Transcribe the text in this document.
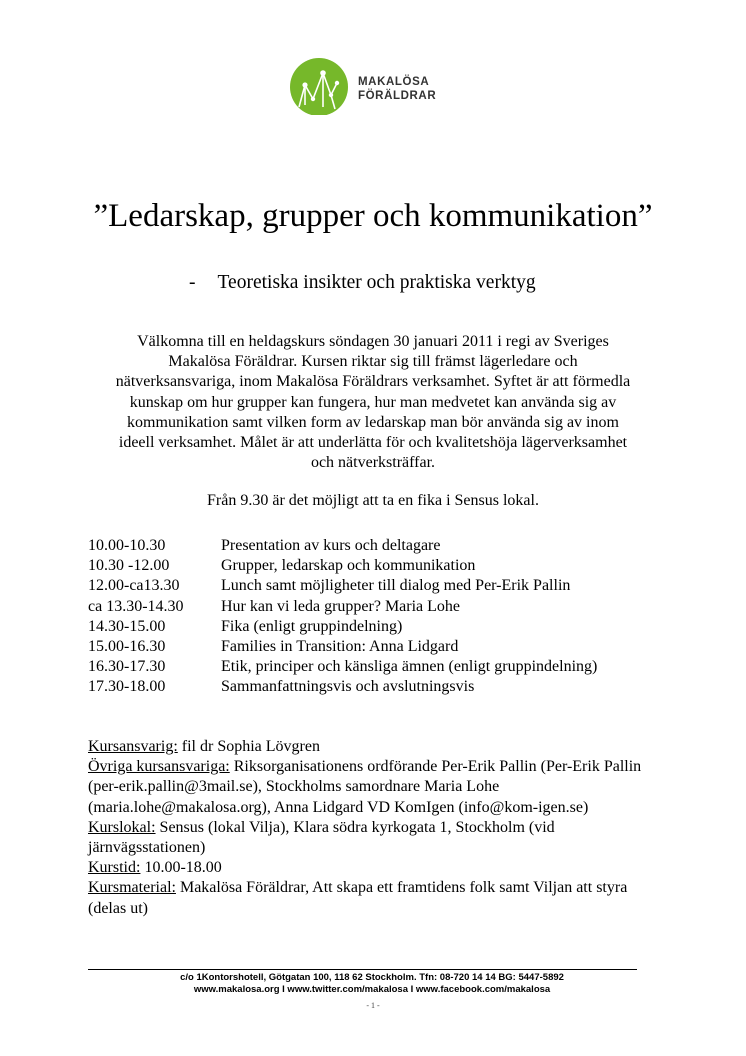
MAKALÖSA
FÖRÄLDRAR
”Ledarskap, grupper och kommunikation”
- Teoretiska insikter och praktiska verktyg
Välkomna till en heldagskurs söndagen 30 januari 2011 i regi av Sveriges
Makalösa Föräldrar. Kursen riktar sig till främst lägerledare och
nätverksansvariga, inom Makalösa Föräldrars verksamhet. Syftet är att förmedla
kunskap om hur grupper kan fungera, hur man medvetet kan använda sig av
kommunikation samt vilken form av ledarskap man bör använda sig av inom
ideell verksamhet. Målet är att underlätta för och kvalitetshöja lägerverksamhet
och nätverksträffar.
Från 9.30 är det möjligt att ta en fika i Sensus lokal.
10.00-10.30	Presentation av kurs och deltagare
10.30 -12.00	Grupper, ledarskap och kommunikation
12.00-ca13.30	Lunch samt möjligheter till dialog med Per-Erik Pallin
ca 13.30-14.30	Hur kan vi leda grupper? Maria Lohe
14.30-15.00	Fika (enligt gruppindelning)
15.00-16.30	Families in Transition: Anna Lidgard
16.30-17.30	Etik, principer och känsliga ämnen (enligt gruppindelning)
17.30-18.00	Sammanfattningsvis och avslutningsvis
Kursansvarig: fil dr Sophia Lövgren
Övriga kursansvariga: Riksorganisationens ordförande Per-Erik Pallin (Per-Erik Pallin (per-erik.pallin@3mail.se), Stockholms samordnare Maria Lohe (maria.lohe@makalosa.org), Anna Lidgard VD KomIgen (info@kom-igen.se)
Kurslokal: Sensus (lokal Vilja), Klara södra kyrkogata 1, Stockholm (vid järnvägsstationen)
Kurstid: 10.00-18.00
Kursmaterial: Makalösa Föräldrar, Att skapa ett framtidens folk samt Viljan att styra (delas ut)
c/o 1Kontorshotell, Götgatan 100, 118 62 Stockholm. Tfn: 08-720 14 14 BG: 5447-5892
www.makalosa.org I www.twitter.com/makalosa I www.facebook.com/makalosa
- 1 -
